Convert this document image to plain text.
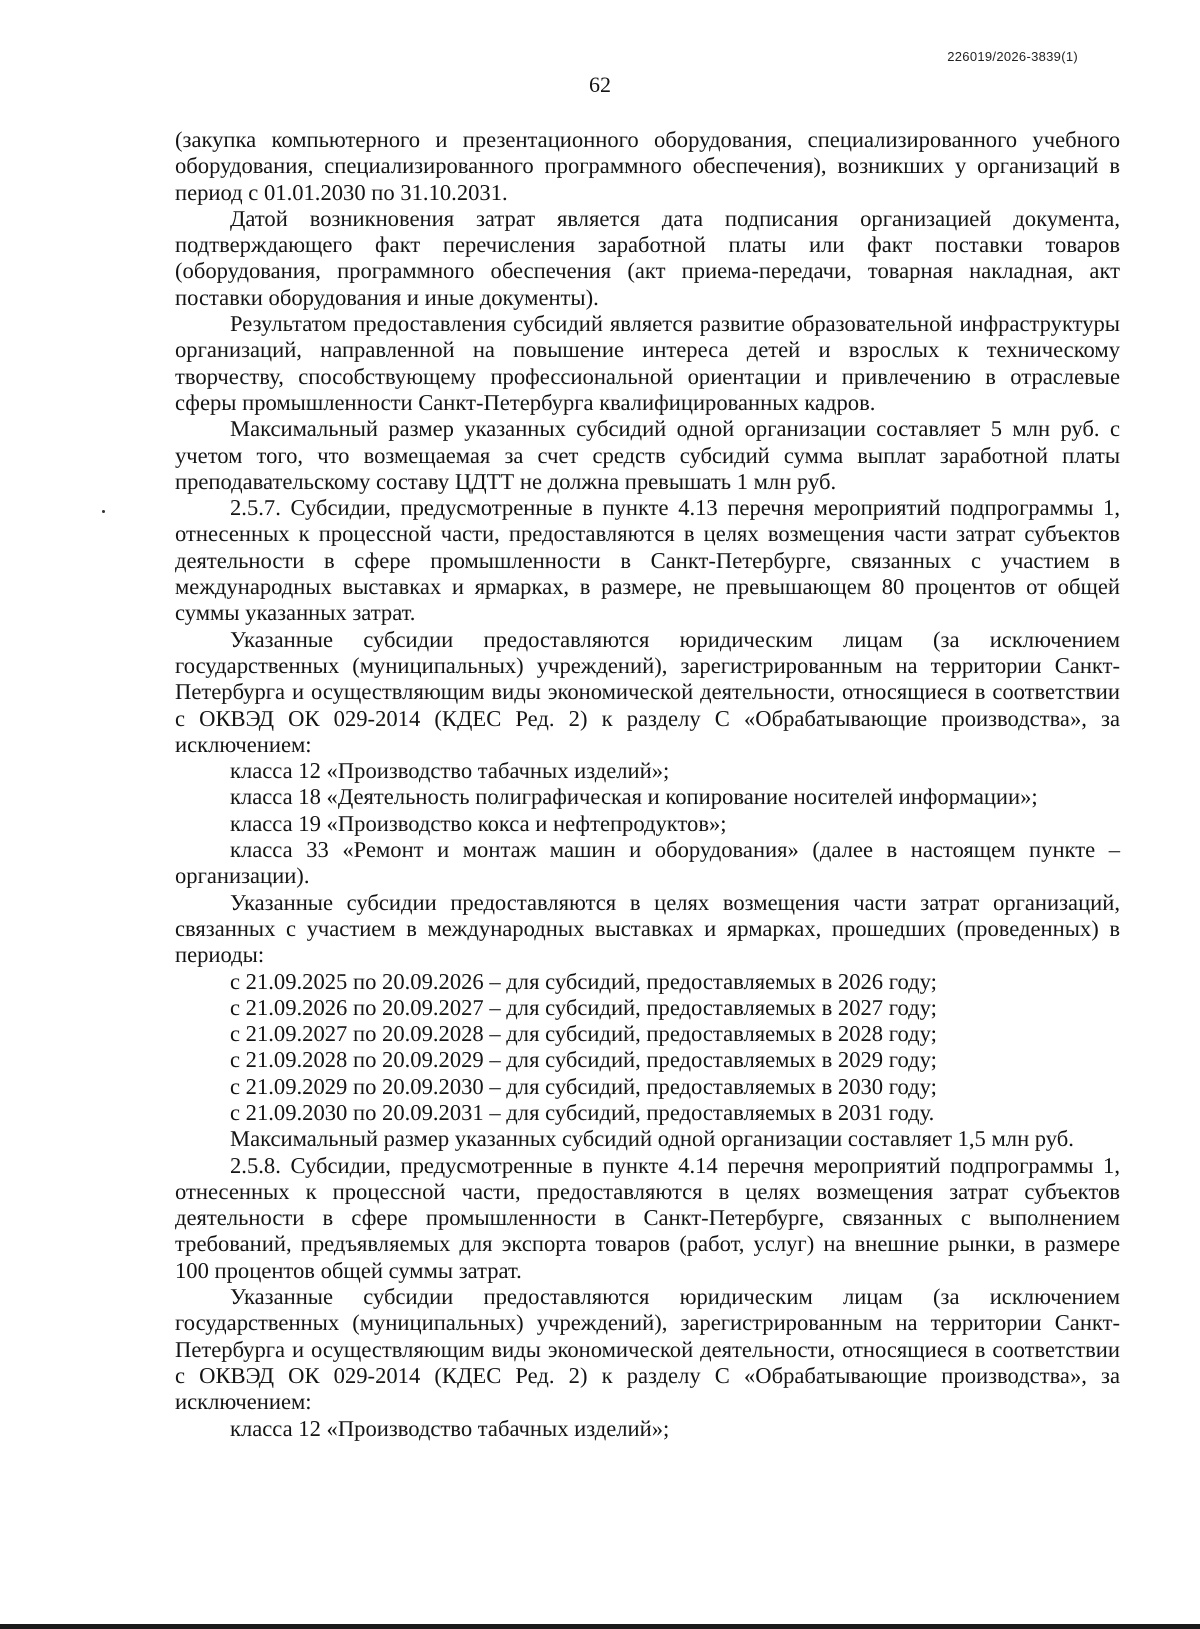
226019/2026-3839(1)
62

(закупка компьютерного и презентационного оборудования, специализированного учебного оборудования, специализированного программного обеспечения), возникших у организаций в период с 01.01.2030 по 31.10.2031.

Датой возникновения затрат является дата подписания организацией документа, подтверждающего факт перечисления заработной платы или факт поставки товаров (оборудования, программного обеспечения (акт приема-передачи, товарная накладная, акт поставки оборудования и иные документы).

Результатом предоставления субсидий является развитие образовательной инфраструктуры организаций, направленной на повышение интереса детей и взрослых к техническому творчеству, способствующему профессиональной ориентации и привлечению в отраслевые сферы промышленности Санкт-Петербурга квалифицированных кадров.

Максимальный размер указанных субсидий одной организации составляет 5 млн руб. с учетом того, что возмещаемая за счет средств субсидий сумма выплат заработной платы преподавательскому составу ЦДТТ не должна превышать 1 млн руб.

2.5.7. Субсидии, предусмотренные в пункте 4.13 перечня мероприятий подпрограммы 1, отнесенных к процессной части, предоставляются в целях возмещения части затрат субъектов деятельности в сфере промышленности в Санкт-Петербурге, связанных с участием в международных выставках и ярмарках, в размере, не превышающем 80 процентов от общей суммы указанных затрат.

Указанные субсидии предоставляются юридическим лицам (за исключением государственных (муниципальных) учреждений), зарегистрированным на территории Санкт-Петербурга и осуществляющим виды экономической деятельности, относящиеся в соответствии с ОКВЭД ОК 029-2014 (КДЕС Ред. 2) к разделу С «Обрабатывающие производства», за исключением:

класса 12 «Производство табачных изделий»;

класса 18 «Деятельность полиграфическая и копирование носителей информации»;

класса 19 «Производство кокса и нефтепродуктов»;

класса 33 «Ремонт и монтаж машин и оборудования» (далее в настоящем пункте – организации).

Указанные субсидии предоставляются в целях возмещения части затрат организаций, связанных с участием в международных выставках и ярмарках, прошедших (проведенных) в периоды:

с 21.09.2025 по 20.09.2026 – для субсидий, предоставляемых в 2026 году;

с 21.09.2026 по 20.09.2027 – для субсидий, предоставляемых в 2027 году;

с 21.09.2027 по 20.09.2028 – для субсидий, предоставляемых в 2028 году;

с 21.09.2028 по 20.09.2029 – для субсидий, предоставляемых в 2029 году;

с 21.09.2029 по 20.09.2030 – для субсидий, предоставляемых в 2030 году;

с 21.09.2030 по 20.09.2031 – для субсидий, предоставляемых в 2031 году.

Максимальный размер указанных субсидий одной организации составляет 1,5 млн руб.

2.5.8. Субсидии, предусмотренные в пункте 4.14 перечня мероприятий подпрограммы 1, отнесенных к процессной части, предоставляются в целях возмещения затрат субъектов деятельности в сфере промышленности в Санкт-Петербурге, связанных с выполнением требований, предъявляемых для экспорта товаров (работ, услуг) на внешние рынки, в размере 100 процентов общей суммы затрат.

Указанные субсидии предоставляются юридическим лицам (за исключением государственных (муниципальных) учреждений), зарегистрированным на территории Санкт-Петербурга и осуществляющим виды экономической деятельности, относящиеся в соответствии с ОКВЭД ОК 029-2014 (КДЕС Ред. 2) к разделу С «Обрабатывающие производства», за исключением:

класса 12 «Производство табачных изделий»;
